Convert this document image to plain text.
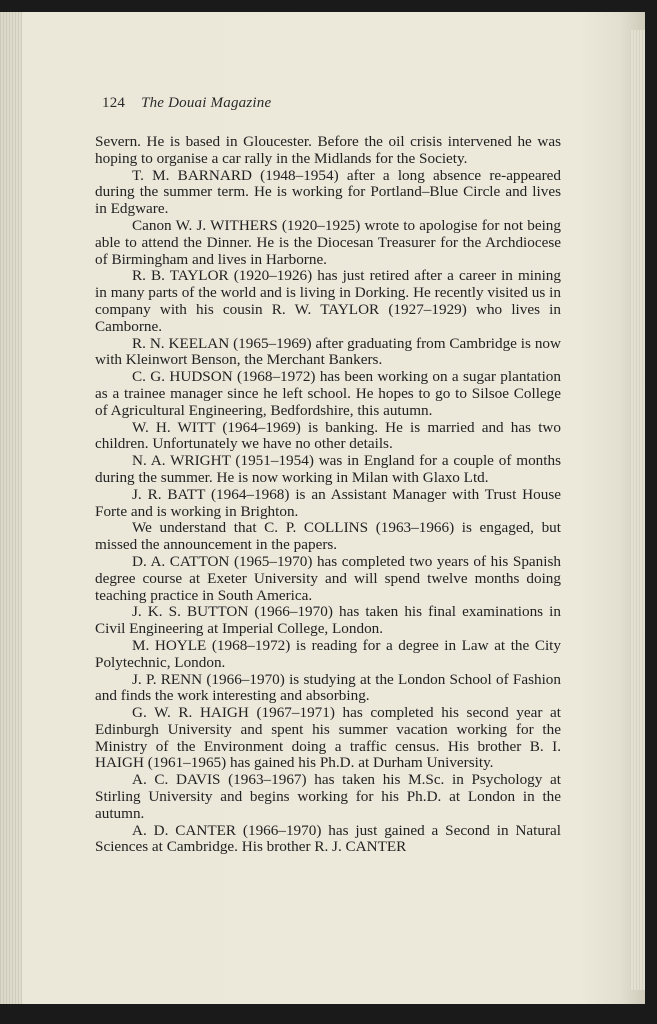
124 The Douai Magazine

Severn. He is based in Gloucester. Before the oil crisis intervened he was hoping to organise a car rally in the Midlands for the Society.

T. M. BARNARD (1948–1954) after a long absence re-appeared during the summer term. He is working for Portland–Blue Circle and lives in Edgware.

Canon W. J. WITHERS (1920–1925) wrote to apologise for not being able to attend the Dinner. He is the Diocesan Treasurer for the Archdiocese of Birmingham and lives in Harborne.

R. B. TAYLOR (1920–1926) has just retired after a career in mining in many parts of the world and is living in Dorking. He recently visited us in company with his cousin R. W. TAYLOR (1927–1929) who lives in Camborne.

R. N. KEELAN (1965–1969) after graduating from Cambridge is now with Kleinwort Benson, the Merchant Bankers.

C. G. HUDSON (1968–1972) has been working on a sugar plantation as a trainee manager since he left school. He hopes to go to Silsoe College of Agricultural Engineering, Bedfordshire, this autumn.

W. H. WITT (1964–1969) is banking. He is married and has two children. Unfortunately we have no other details.

N. A. WRIGHT (1951–1954) was in England for a couple of months during the summer. He is now working in Milan with Glaxo Ltd.

J. R. BATT (1964–1968) is an Assistant Manager with Trust House Forte and is working in Brighton.

We understand that C. P. COLLINS (1963–1966) is engaged, but missed the announcement in the papers.

D. A. CATTON (1965–1970) has completed two years of his Spanish degree course at Exeter University and will spend twelve months doing teaching practice in South America.

J. K. S. BUTTON (1966–1970) has taken his final examinations in Civil Engineering at Imperial College, London.

M. HOYLE (1968–1972) is reading for a degree in Law at the City Polytechnic, London.

J. P. RENN (1966–1970) is studying at the London School of Fashion and finds the work interesting and absorbing.

G. W. R. HAIGH (1967–1971) has completed his second year at Edinburgh University and spent his summer vacation working for the Ministry of the Environment doing a traffic census. His brother B. I. HAIGH (1961–1965) has gained his Ph.D. at Durham University.

A. C. DAVIS (1963–1967) has taken his M.Sc. in Psychology at Stirling University and begins working for his Ph.D. at London in the autumn.

A. D. CANTER (1966–1970) has just gained a Second in Natural Sciences at Cambridge. His brother R. J. CANTER
